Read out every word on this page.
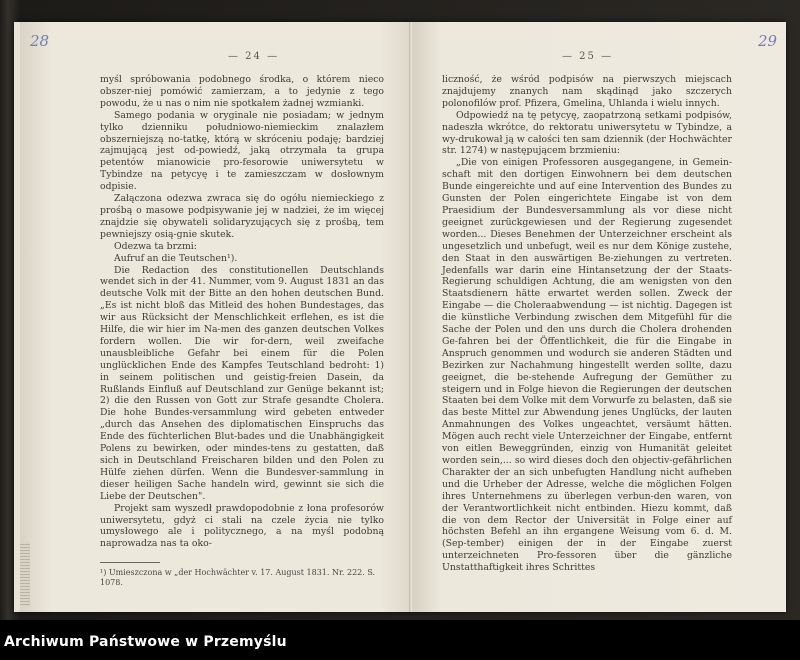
28
— 24 —

myśl spróbowania podobnego środka, o którem nieco obszer-niej pomówić zamierzam, a to jedynie z tego powodu, że u nas o nim nie spotkałem żadnej wzmianki.

Samego podania w oryginale nie posiadam; w jednym tylko dzienniku południowo-niemieckim znalazłem obszerniejszą no-tatkę, którą w skróceniu podaję; bardziej zajmującą jest od-powiedź, jaką otrzymała ta grupa petentów mianowicie pro-fesorowie uniwersytetu w Tybindze na petycyę i te zamieszczam w dosłownym odpisie.

Załączona odezwa zwraca się do ogółu niemieckiego z prośbą o masowe podpisywanie jej w nadziei, że im więcej znajdzie się obywateli solidaryzujących się z prośbą, tem pewniejszy osią-gnie skutek.

Odezwa ta brzmi:

Aufruf an die Teutschen¹).

Die Redaction des constitutionellen Deutschlands wendet sich in der 41. Nummer, vom 9. August 1831 an das deutsche Volk mit der Bitte an den hohen deutschen Bund. „Es ist nicht bloß das Mitleid des hohen Bundestages, das wir aus Rücksicht der Menschlichkeit erflehen, es ist die Hilfe, die wir hier im Na-men des ganzen deutschen Volkes fordern wollen. Die wir for-dern, weil zweifache unausbleibliche Gefahr bei einem für die Polen unglücklichen Ende des Kampfes Teutschland bedroht: 1) in seinem politischen und geistig-freien Dasein, da Rußlands Einfluß auf Deutschland zur Genüge bekannt ist; 2) die den Russen von Gott zur Strafe gesandte Cholera. Die hohe Bundes-versammlung wird gebeten entweder „durch das Ansehen des diplomatischen Einspruchs das Ende des füchterlichen Blut-bades und die Unabhängigkeit Polens zu bewirken, oder mindes-tens zu gestatten, daß sich in Deutschland Freischaren bilden und den Polen zu Hülfe ziehen dürfen. Wenn die Bundesver-sammlung in dieser heiligen Sache handeln wird, gewinnt sie sich die Liebe der Deutschen".

Projekt sam wyszedł prawdopodobnie z łona profesorów uniwersytetu, gdyż ci stali na czele życia nie tylko umysłowego ale i politycznego, a na myśl podobną naprowadza nas ta oko-

¹) Umieszczona w „der Hochwächter v. 17. August 1831. Nr. 222. S. 1078.
29
— 25 —

liczność, że wśród podpisów na pierwszych miejscach znajdujemy znanych nam skądinąd jako szczerych polonofilów prof. Pfizera, Gmelina, Uhlanda i wielu innych.

Odpowiedź na tę petycyę, zaopatrzoną setkami podpisów, nadeszła wkrótce, do rektoratu uniwersytetu w Tybindze, a wy-drukował ją w całości ten sam dziennik (der Hochwächter str. 1274) w następującem brzmieniu:

„Die von einigen Professoren ausgegangene, in Gemein-schaft mit den dortigen Einwohnern bei dem deutschen Bunde eingereichte und auf eine Intervention des Bundes zu Gunsten der Polen eingerichtete Eingabe ist von dem Praesidium der Bundesversammlung als vor diese nicht geeignet zurückgewiesen und der Regierung zugesendet worden... Dieses Benehmen der Unterzeichner erscheint als ungesetzlich und unbefugt, weil es nur dem Könige zustehe, den Staat in den auswärtigen Be-ziehungen zu vertreten. Jedenfalls war darin eine Hintansetzung der der Staats-Regierung schuldigen Achtung, die am wenigsten von den Staatsdienern hätte erwartet werden sollen. Zweck der Eingabe — die Choleraabwendung — ist nichtig. Dagegen ist die künstliche Verbindung zwischen dem Mitgefühl für die Sache der Polen und den uns durch die Cholera drohenden Ge-fahren bei der Öffentlichkeit, die für die Eingabe in Anspruch genommen und wodurch sie anderen Städten und Bezirken zur Nachahmung hingestellt werden sollte, dazu geeignet, die be-stehende Aufregung der Gemüther zu steigern und in Folge hievon die Regierungen der deutschen Staaten bei dem Volke mit dem Vorwurfe zu belasten, daß sie das beste Mittel zur Abwendung jenes Unglücks, der lauten Anmahnungen des Volkes ungeachtet, versäumt hätten. Mögen auch recht viele Unterzeichner der Eingabe, entfernt von eitlen Beweggründen, einzig von Humanität geleitet worden sein,... so wird dieses doch den objectiv-gefährlichen Charakter der an sich unbefugten Handlung nicht aufheben und die Urheber der Adresse, welche die möglichen Folgen ihres Unternehmens zu überlegen verbun-den waren, von der Verantwortlichkeit nicht entbinden. Hiezu kommt, daß die von dem Rector der Universität in Folge einer auf höchsten Befehl an ihn ergangene Weisung vom 6. d. M. (Sep-tember) einigen der in der Eingabe zuerst unterzeichneten Pro-fessoren über die gänzliche Unstatthaftigkeit ihres Schrittes

Archiwum Państwowe w Przemyślu
